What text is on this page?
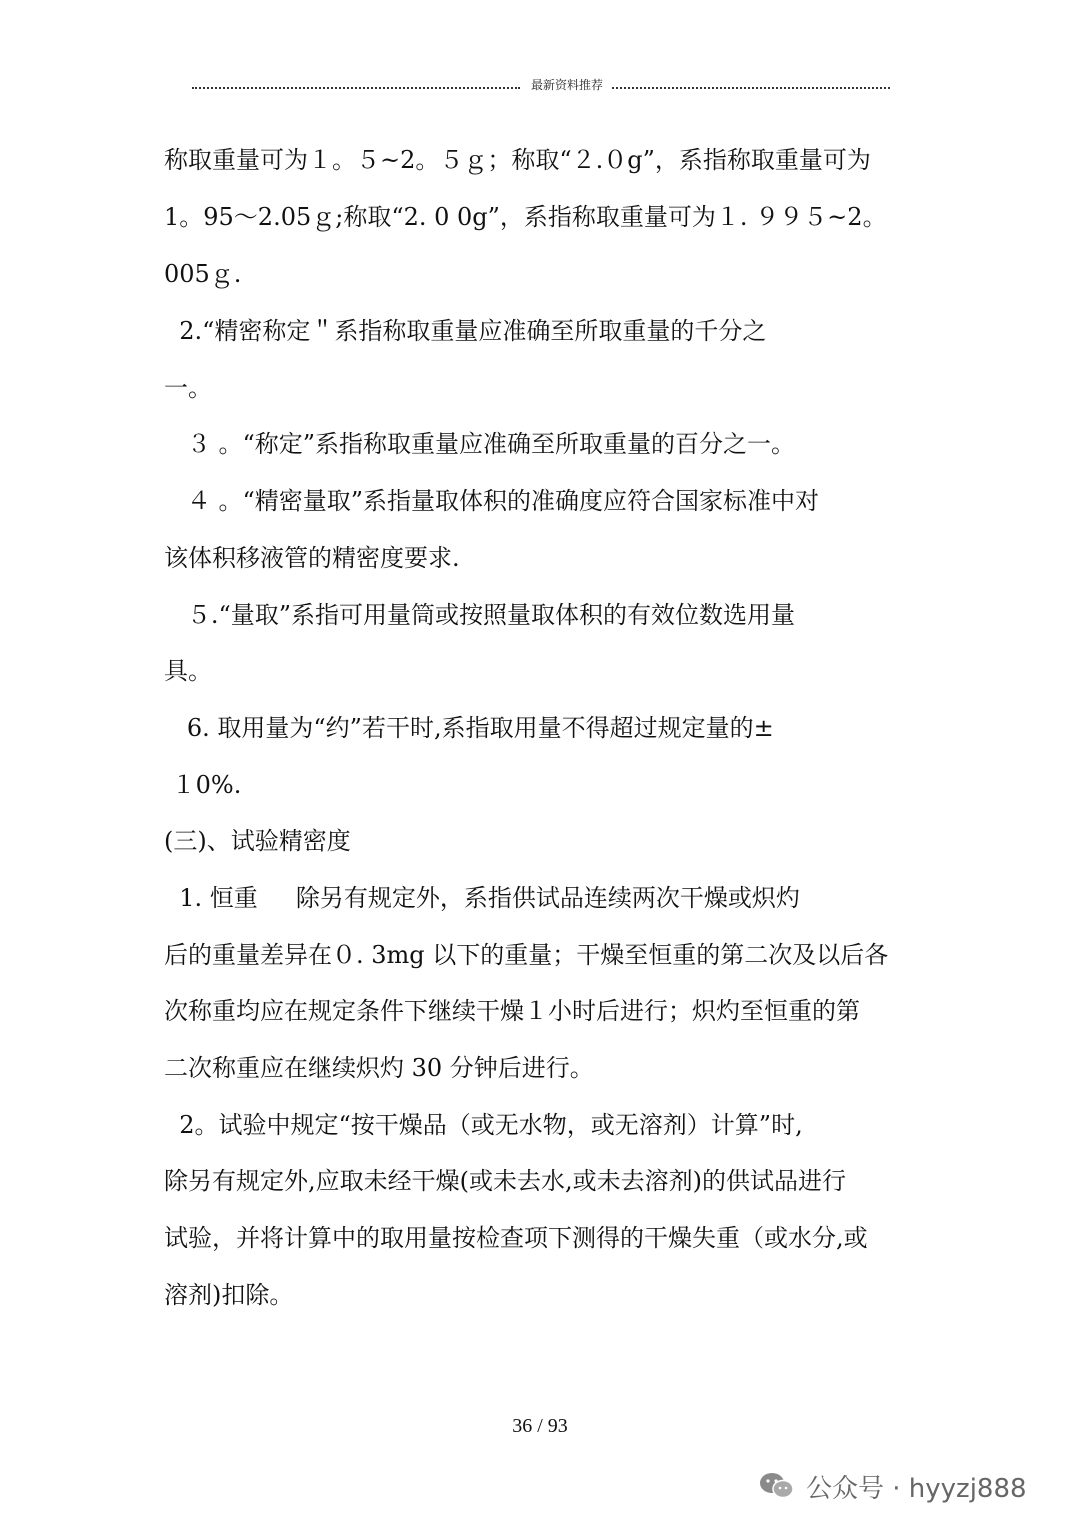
最新资料推荐
称取重量可为１。５~2。５ｇ；称取“２.０g”，系指称取重量可为
1。95～2.05ｇ;称取“2. 0 0g”，系指称取重量可为１. ９９５~2。
005ｇ.
2.“精密称定＂系指称取重量应准确至所取重量的千分之
一。
３ 。“称定”系指称取重量应准确至所取重量的百分之一。
４ 。“精密量取”系指量取体积的准确度应符合国家标准中对
该体积移液管的精密度要求.
５.“量取”系指可用量筒或按照量取体积的有效位数选用量
具。
6. 取用量为“约”若干时,系指取用量不得超过规定量的±
１0%.
(三)、试验精密度
1. 恒重     除另有规定外，系指供试品连续两次干燥或炽灼
后的重量差异在０. 3mg 以下的重量；干燥至恒重的第二次及以后各
次称重均应在规定条件下继续干燥１小时后进行；炽灼至恒重的第
二次称重应在继续炽灼 30 分钟后进行。
2。试验中规定“按干燥品（或无水物，或无溶剂）计算”时,
除另有规定外,应取未经干燥(或未去水,或未去溶剂)的供试品进行
试验，并将计算中的取用量按检查项下测得的干燥失重（或水分,或
溶剂)扣除。
36 / 93
公众号 · hyyzj888
